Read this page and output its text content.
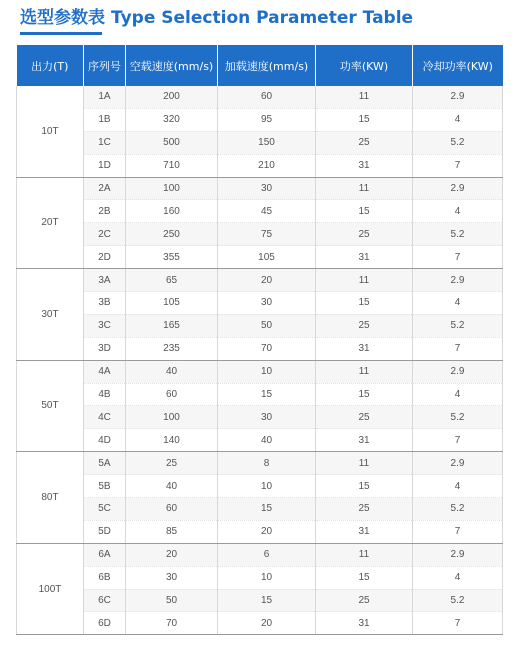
选型参数表 Type Selection Parameter Table
出力(T)	序列号	空载速度(mm/s)	加载速度(mm/s)	功率(KW)	冷却功率(KW)
10T	1A	200	60	11	2.9
	1B	320	95	15	4
	1C	500	150	25	5.2
	1D	710	210	31	7
20T	2A	100	30	11	2.9
	2B	160	45	15	4
	2C	250	75	25	5.2
	2D	355	105	31	7
30T	3A	65	20	11	2.9
	3B	105	30	15	4
	3C	165	50	25	5.2
	3D	235	70	31	7
50T	4A	40	10	11	2.9
	4B	60	15	15	4
	4C	100	30	25	5.2
	4D	140	40	31	7
80T	5A	25	8	11	2.9
	5B	40	10	15	4
	5C	60	15	25	5.2
	5D	85	20	31	7
100T	6A	20	6	11	2.9
	6B	30	10	15	4
	6C	50	15	25	5.2
	6D	70	20	31	7
